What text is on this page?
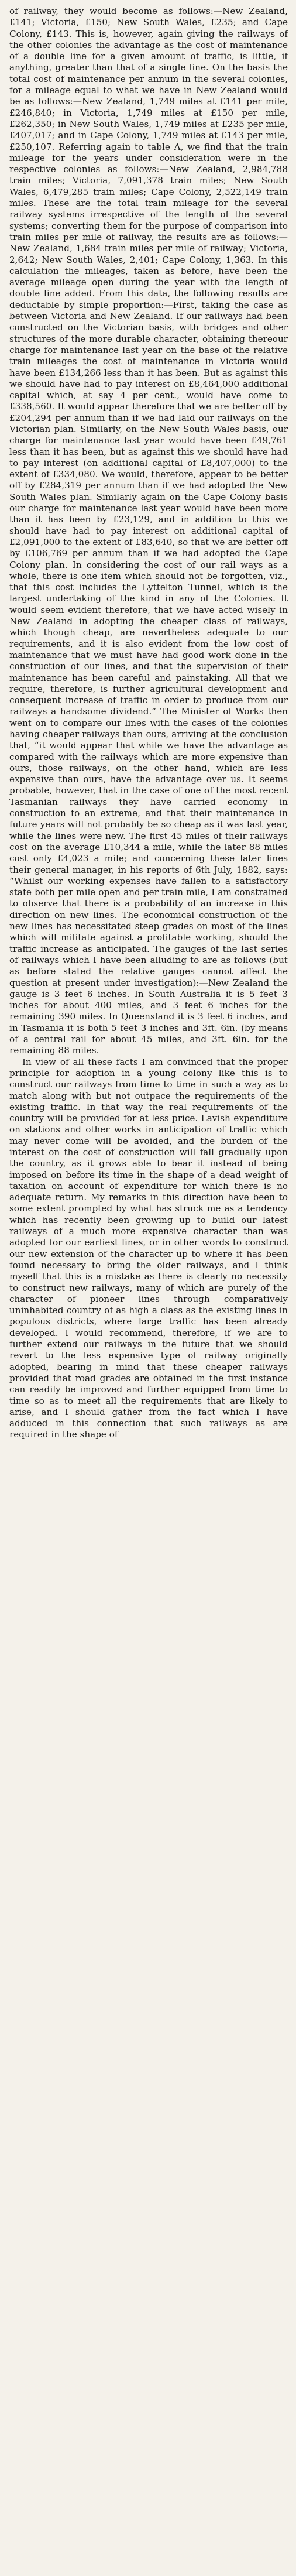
of railway, they would become as follows:—New Zealand, £141; Victoria, £150; New South Wales, £235; and Cape Colony, £143. This is, however, again giving the railways of the other colonies the advantage as the cost of maintenance of a double line for a given amount of traffic, is little, if anything, greater than that of a single line. On the basis the total cost of maintenance per annum in the several colonies, for a mileage equal to what we have in New Zealand would be as follows:—New Zealand, 1,749 miles at £141 per mile, £246,840; in Victoria, 1,749 miles at £150 per mile, £262,350; in New South Wales, 1,749 miles at £235 per mile, £407,017; and in Cape Colony, 1,749 miles at £143 per mile, £250,107. Referring again to table A, we find that the train mileage for the years under consideration were in the respective colonies as follows:—New Zealand, 2,984,788 train miles; Victoria, 7,091,378 train miles; New South Wales, 6,479,285 train miles; Cape Colony, 2,522,149 train miles. These are the total train mileage for the several railway systems irrespective of the length of the several systems; converting them for the purpose of comparison into train miles per mile of railway, the results are as follows:—New Zealand, 1,684 train miles per mile of railway; Victoria, 2,642; New South Wales, 2,401; Cape Colony, 1,363. In this calculation the mileages, taken as before, have been the average mileage open during the year with the length of double line added. From this data, the following results are deductable by simple proportion:—First, taking the case as between Victoria and New Zealand. If our railways had been constructed on the Victorian basis, with bridges and other structures of the more durable character, obtaining thereour charge for maintenance last year on the base of the relative train mileages the cost of maintenance in Victoria would have been £134,266 less than it has been. But as against this we should have had to pay interest on £8,464,000 additional capital which, at say 4 per cent., would have come to £338,560. It would appear therefore that we are better off by £204,294 per annum than if we had laid our railways on the Victorian plan. Similarly, on the New South Wales basis, our charge for maintenance last year would have been £49,761 less than it has been, but as against this we should have had to pay interest (on additional capital of £8,407,000) to the extent of £334,080. We would, therefore, appear to be better off by £284,319 per annum than if we had adopted the New South Wales plan. Similarly again on the Cape Colony basis our charge for maintenance last year would have been more than it has been by £23,129, and in addition to this we should have had to pay interest on additional capital of £2,091,000 to the extent of £83,640, so that we are better off by £106,769 per annum than if we had adopted the Cape Colony plan. In considering the cost of our rail ways as a whole, there is one item which should not be forgotten, viz., that this cost includes the Lyttelton Tunnel, which is the largest undertaking of the kind in any of the Colonies. It would seem evident therefore, that we have acted wisely in New Zealand in adopting the cheaper class of railways, which though cheap, are nevertheless adequate to our requirements, and it is also evident from the low cost of maintenance that we must have had good work done in the construction of our lines, and that the supervision of their maintenance has been careful and painstaking. All that we require, therefore, is further agricultural development and consequent increase of traffic in order to produce from our railways a handsome dividend.” The Minister of Works then went on to compare our lines with the cases of the colonies having cheaper railways than ours, arriving at the conclusion that, “it would appear that while we have the advantage as compared with the railways which are more expensive than ours, those railways, on the other hand, which are less expensive than ours, have the advantage over us. It seems probable, however, that in the case of one of the most recent Tasmanian railways they have carried economy in construction to an extreme, and that their maintenance in future years will not probably be so cheap as it was last year, while the lines were new. The first 45 miles of their railways cost on the average £10,344 a mile, while the later 88 miles cost only £4,023 a mile; and concerning these later lines their general manager, in his reports of 6th July, 1882, says: “Whilst our working expenses have fallen to a satisfactory state both per mile open and per train mile, I am constrained to observe that there is a probability of an increase in this direction on new lines. The economical construction of the new lines has necessitated steep grades on most of the lines which will militate against a profitable working, should the traffic increase as anticipated. The gauges of the last series of railways which I have been alluding to are as follows (but as before stated the relative gauges cannot affect the question at present under investigation):—New Zealand the gauge is 3 feet 6 inches. In South Australia it is 5 feet 3 inches for about 400 miles, and 3 feet 6 inches for the remaining 390 miles. In Queensland it is 3 feet 6 inches, and in Tasmania it is both 5 feet 3 inches and 3ft. 6in. (by means of a central rail for about 45 miles, and 3ft. 6in. for the remaining 88 miles.

In view of all these facts I am convinced that the proper principle for adoption in a young colony like this is to construct our railways from time to time in such a way as to match along with but not outpace the requirements of the existing traffic. In that way the real requirements of the country will be provided for at less price. Lavish expenditure on stations and other works in anticipation of traffic which may never come will be avoided, and the burden of the interest on the cost of construction will fall gradually upon the country, as it grows able to bear it instead of being imposed on before its time in the shape of a dead weight of taxation on account of expenditure for which there is no adequate return. My remarks in this direction have been to some extent prompted by what has struck me as a tendency which has recently been growing up to build our latest railways of a much more expensive character than was adopted for our earliest lines, or in other words to construct our new extension of the character up to where it has been found necessary to bring the older railways, and I think myself that this is a mistake as there is clearly no necessity to construct new railways, many of which are purely of the character of pioneer lines through comparatively uninhabited country of as high a class as the existing lines in populous districts, where large traffic has been already developed. I would recommend, therefore, if we are to further extend our railways in the future that we should revert to the less expensive type of railway originally adopted, bearing in mind that these cheaper railways provided that road grades are obtained in the first instance can readily be improved and further equipped from time to time so as to meet all the requirements that are likely to arise, and I should gather from the fact which I have adduced in this connection that such railways as are required in the shape of
